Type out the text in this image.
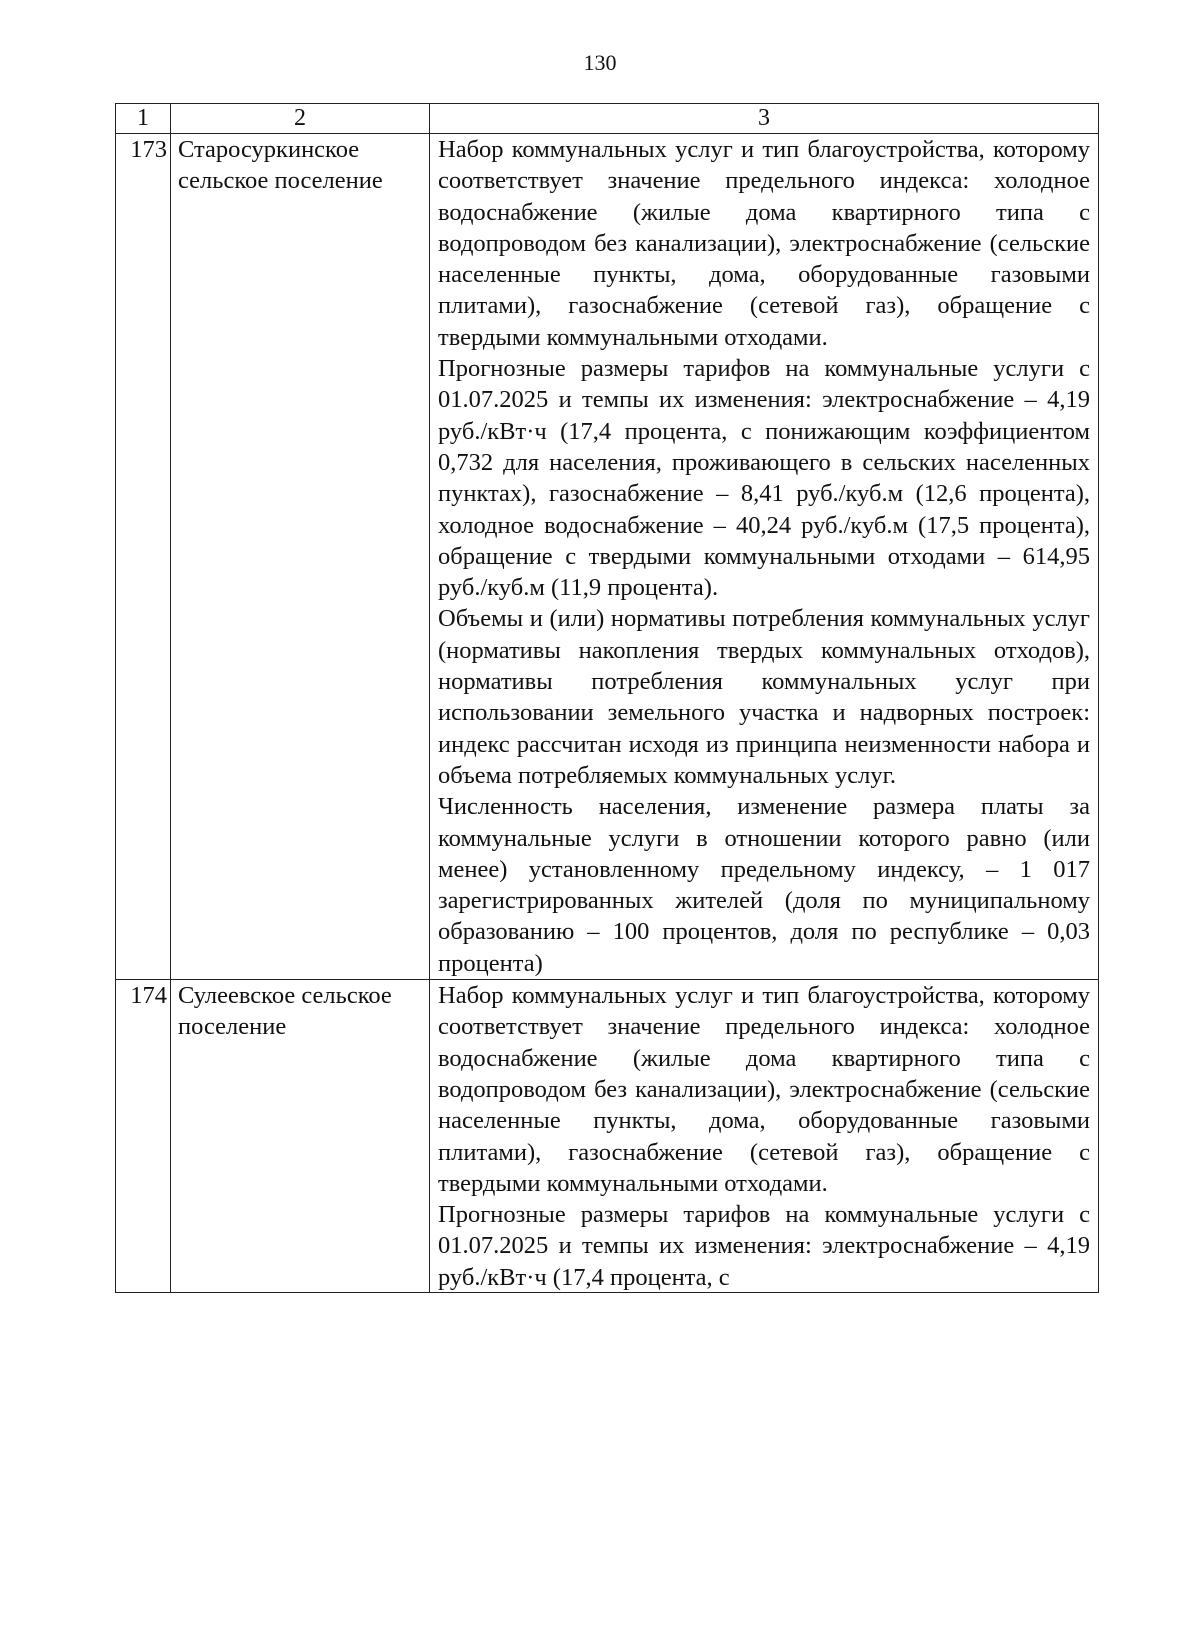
130
1	2	3
173	Старосуркинское сельское поселение	Набор коммунальных услуг и тип благоустройства, которому соответствует значение предельного индекса: холодное водоснабжение (жилые дома квартирного типа с водопроводом без канализации), электроснабжение (сельские населенные пункты, дома, оборудованные газовыми плитами), газоснабжение (сетевой газ), обращение с твердыми коммунальными отходами.

Прогнозные размеры тарифов на коммунальные услуги с 01.07.2025 и темпы их изменения: электроснабжение – 4,19 руб./кВт·ч (17,4 процента, с понижающим коэффициентом 0,732 для населения, проживающего в сельских населенных пунктах), газоснабжение – 8,41 руб./куб.м (12,6 процента), холодное водоснабжение – 40,24 руб./куб.м (17,5 процента), обращение с твердыми коммунальными отходами – 614,95 руб./куб.м (11,9 процента).

Объемы и (или) нормативы потребления коммунальных услуг (нормативы накопления твердых коммунальных отходов), нормативы потребления коммунальных услуг при использовании земельного участка и надворных построек: индекс рассчитан исходя из принципа неизменности набора и объема потребляемых коммунальных услуг.

Численность населения, изменение размера платы за коммунальные услуги в отношении которого равно (или менее) установленному предельному индексу, – 1 017 зарегистрированных жителей (доля по муниципальному образованию – 100 процентов, доля по республике – 0,03 процента)

174	Сулеевское сельское поселение	Набор коммунальных услуг и тип благоустройства, которому соответствует значение предельного индекса: холодное водоснабжение (жилые дома квартирного типа с водопроводом без канализации), электроснабжение (сельские населенные пункты, дома, оборудованные газовыми плитами), газоснабжение (сетевой газ), обращение с твердыми коммунальными отходами.

Прогнозные размеры тарифов на коммунальные услуги с 01.07.2025 и темпы их изменения: электроснабжение – 4,19 руб./кВт·ч (17,4 процента, с
